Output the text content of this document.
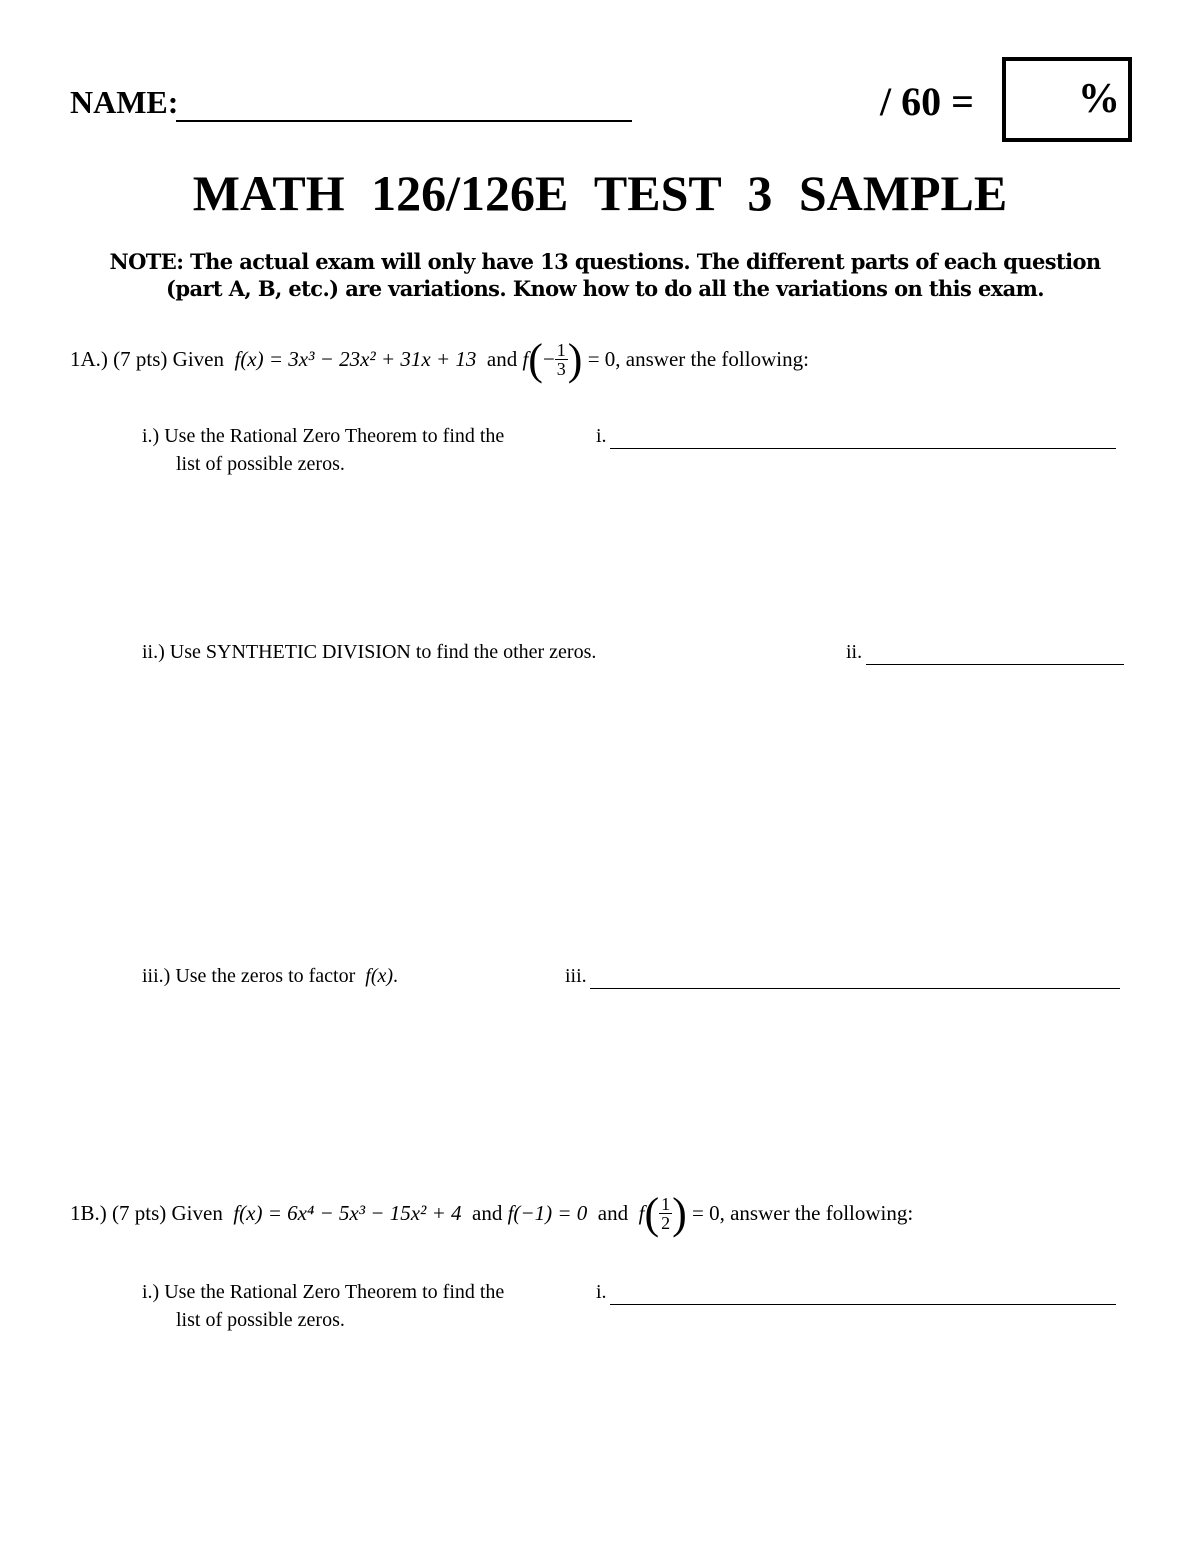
NAME:	/ 60 = %
MATH 126/126E TEST 3 SAMPLE
NOTE: The actual exam will only have 13 questions. The different parts of each question (part A, B, etc.) are variations. Know how to do all the variations on this exam.
1A.) (7 pts) Given
f(x) = 3x³ − 23x² + 31x + 13
and
f ( − $\frac{1}{3}$ )
= 0 , answer the following:
i.) Use the Rational Zero Theorem to find the
list of possible zeros.
i.
ii.) Use SYNTHETIC DIVISION to find the other zeros.	ii.
iii.) Use the zeros to factor f(x).	iii.
1B.) (7 pts) Given
f(x) = 6x⁴ − 5x³ − 15x² + 4
and
f(−1) = 0
and
f ( $\frac{1}{2}$ )
= 0 , answer the following:
i.) Use the Rational Zero Theorem to find the
list of possible zeros.
i.
